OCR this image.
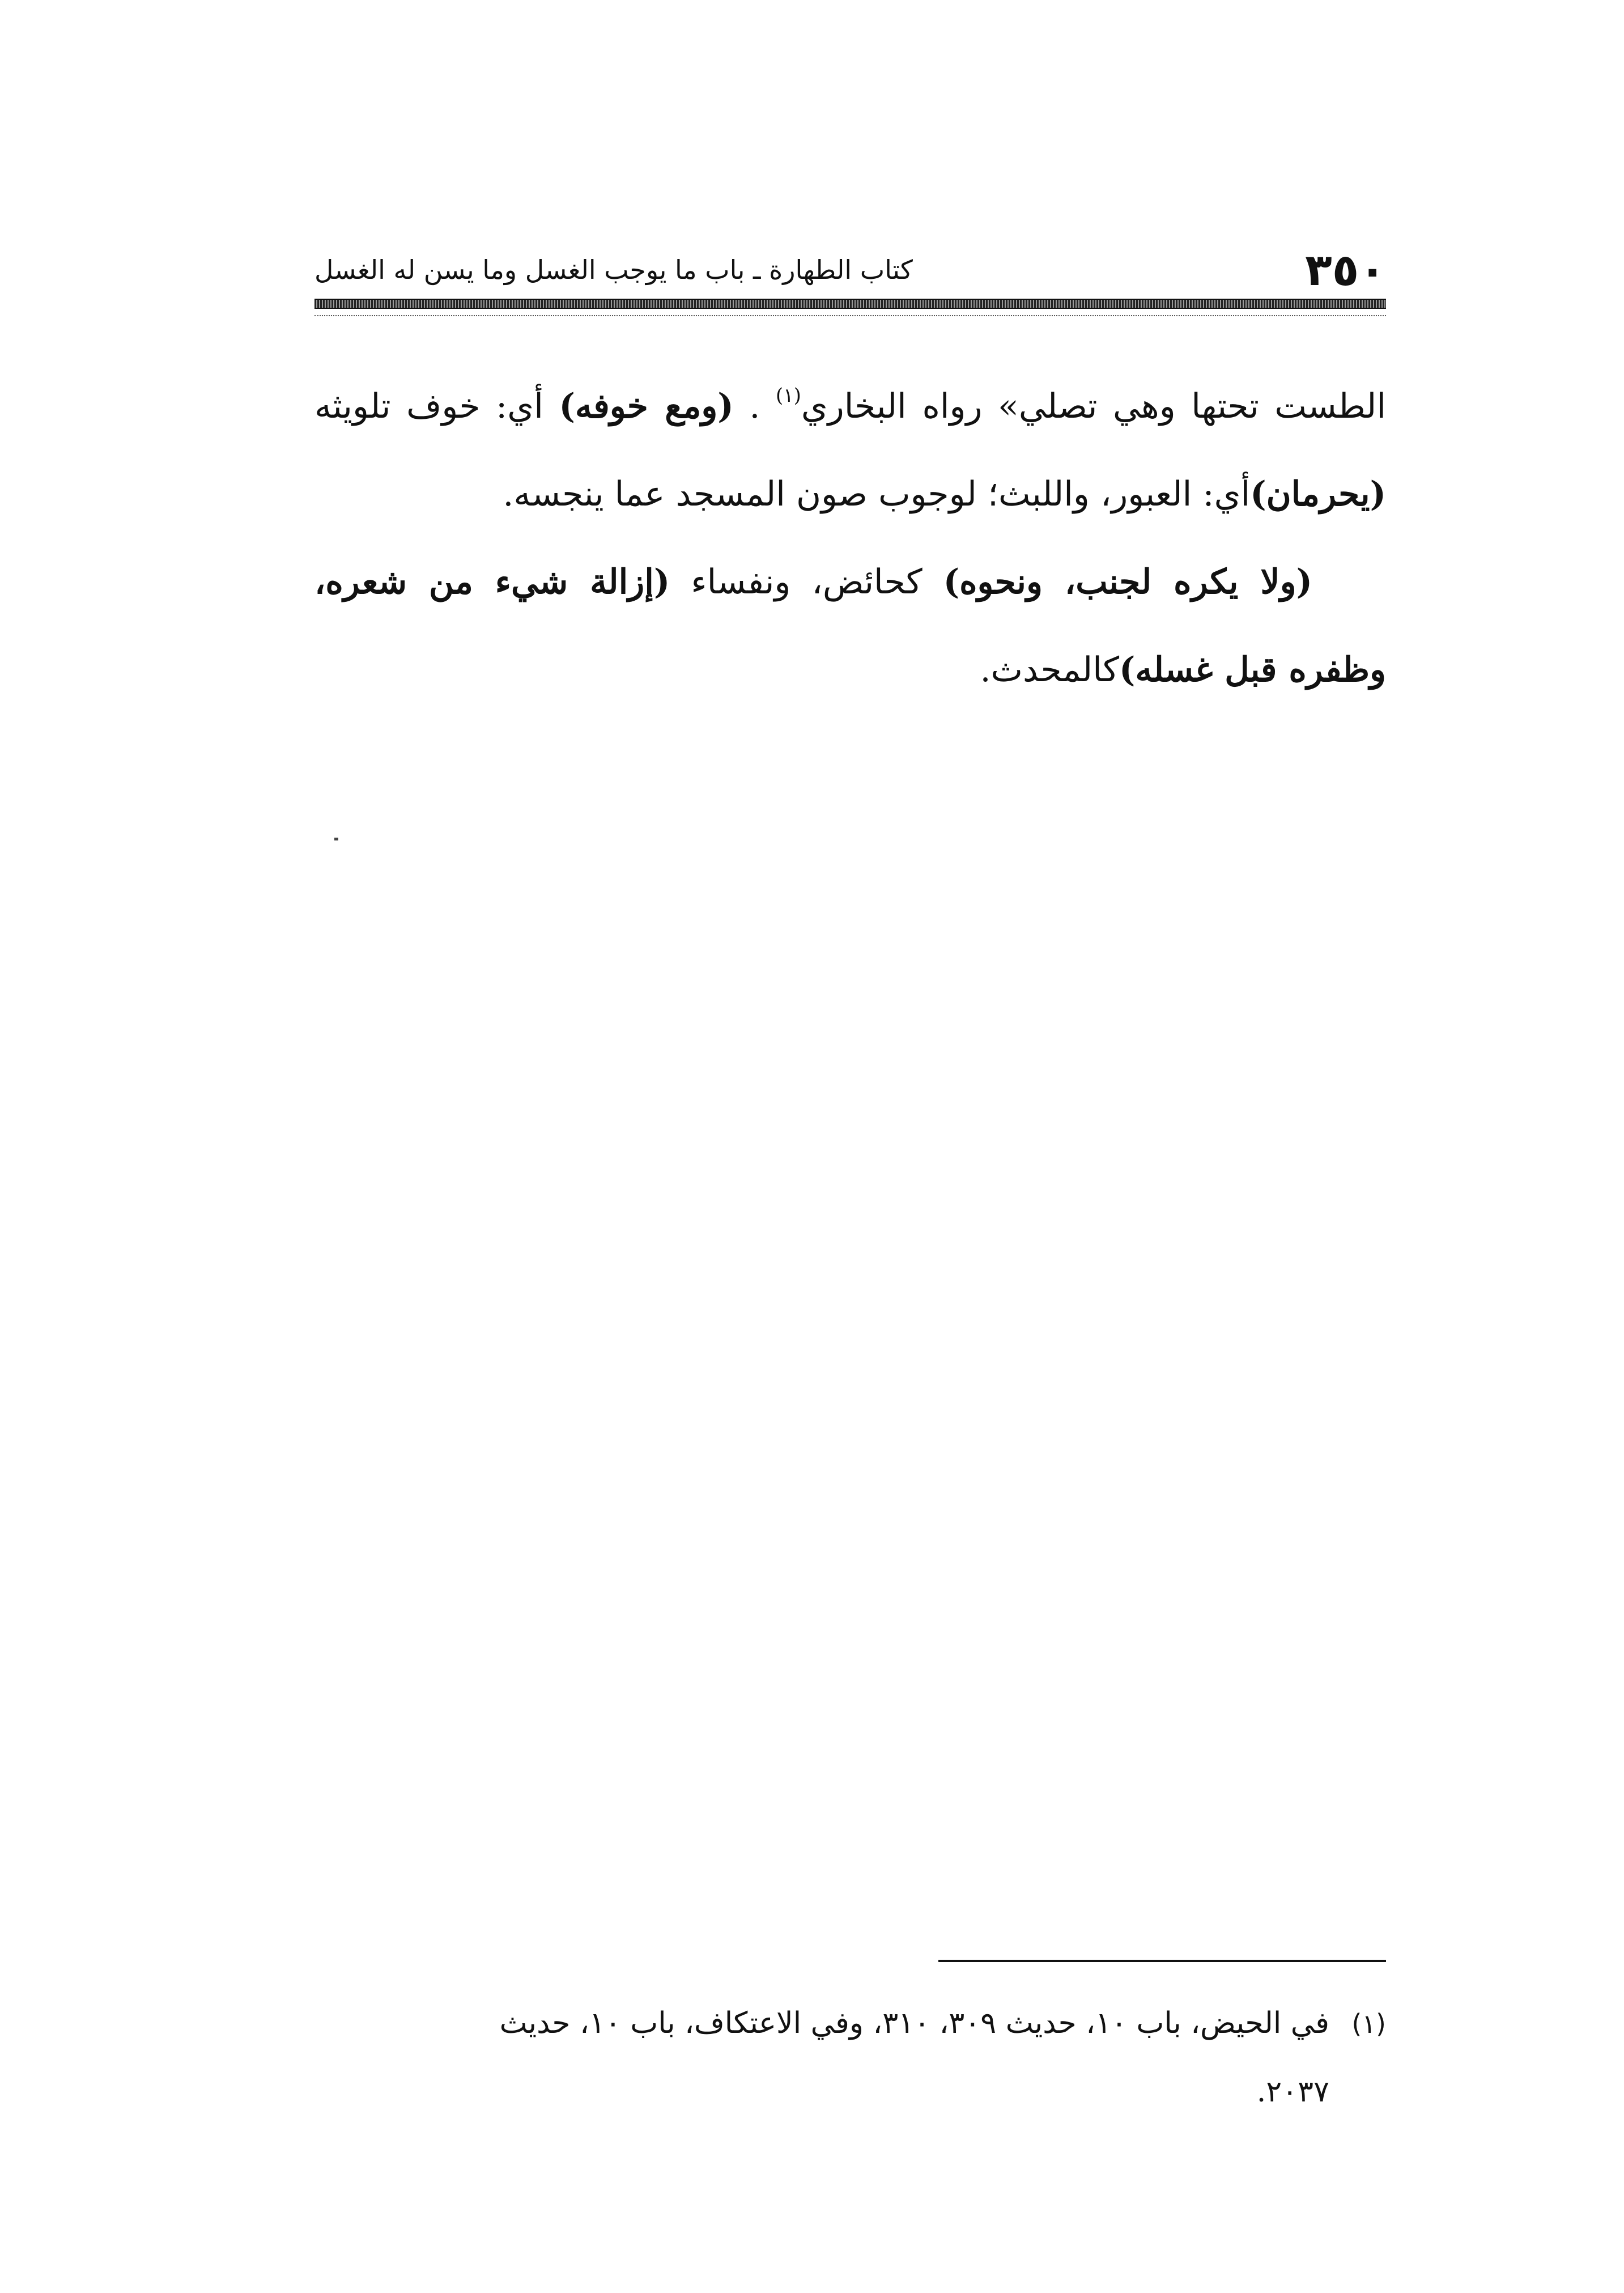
٣٥٠
كتاب الطهارة ـ باب ما يوجب الغسل وما يسن له الغسل

الطست تحتها وهي تصلي» رواه البخاري$^{(١)}$ . (ومع خوفه) أي: خوف تلويثه (يحرمان)أي: العبور، واللبث؛ لوجوب صون المسجد عما ينجسه.

(ولا يكره لجنب، ونحوه) كحائض، ونفساء (إزالة شيء من شعره، وظفره قبل غسله)كالمحدث.

(١)في الحيض، باب ١٠، حديث ٣٠٩، ٣١٠، وفي الاعتكاف، باب ١٠، حديث
٢٠٣٧.
